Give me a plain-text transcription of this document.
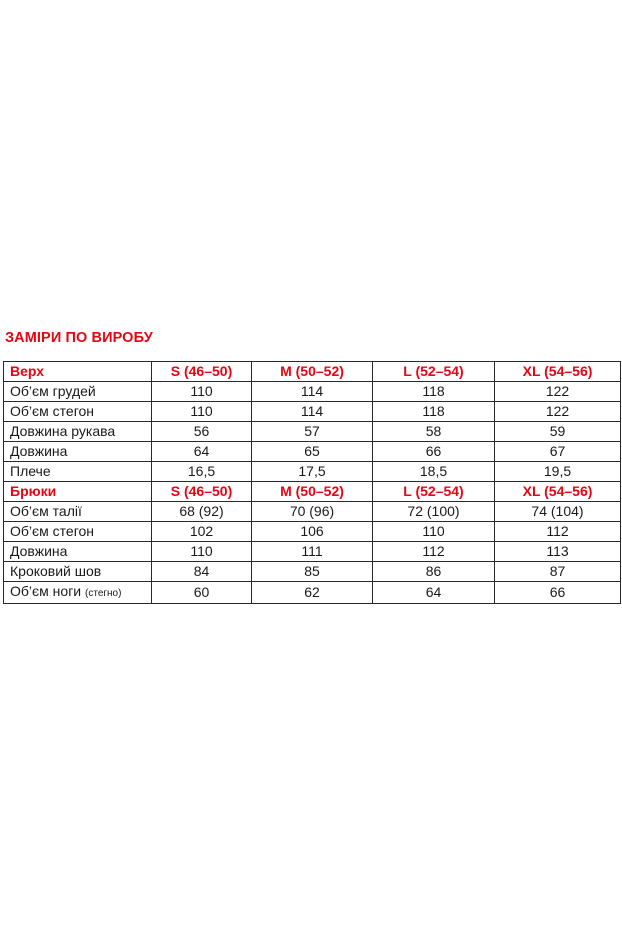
ЗАМІРИ ПО ВИРОБУ
Верх	S (46–50)	M (50–52)	L (52–54)	XL (54–56)
Об’єм грудей	110	114	118	122
Об’єм стегон	110	114	118	122
Довжина рукава	56	57	58	59
Довжина	64	65	66	67
Плече	16,5	17,5	18,5	19,5
Брюки	S (46–50)	M (50–52)	L (52–54)	XL (54–56)
Об’єм талії	68 (92)	70 (96)	72 (100)	74 (104)
Об’єм стегон	102	106	110	112
Довжина	110	111	112	113
Кроковий шов	84	85	86	87
Об’єм ноги (стегно)	60	62	64	66
